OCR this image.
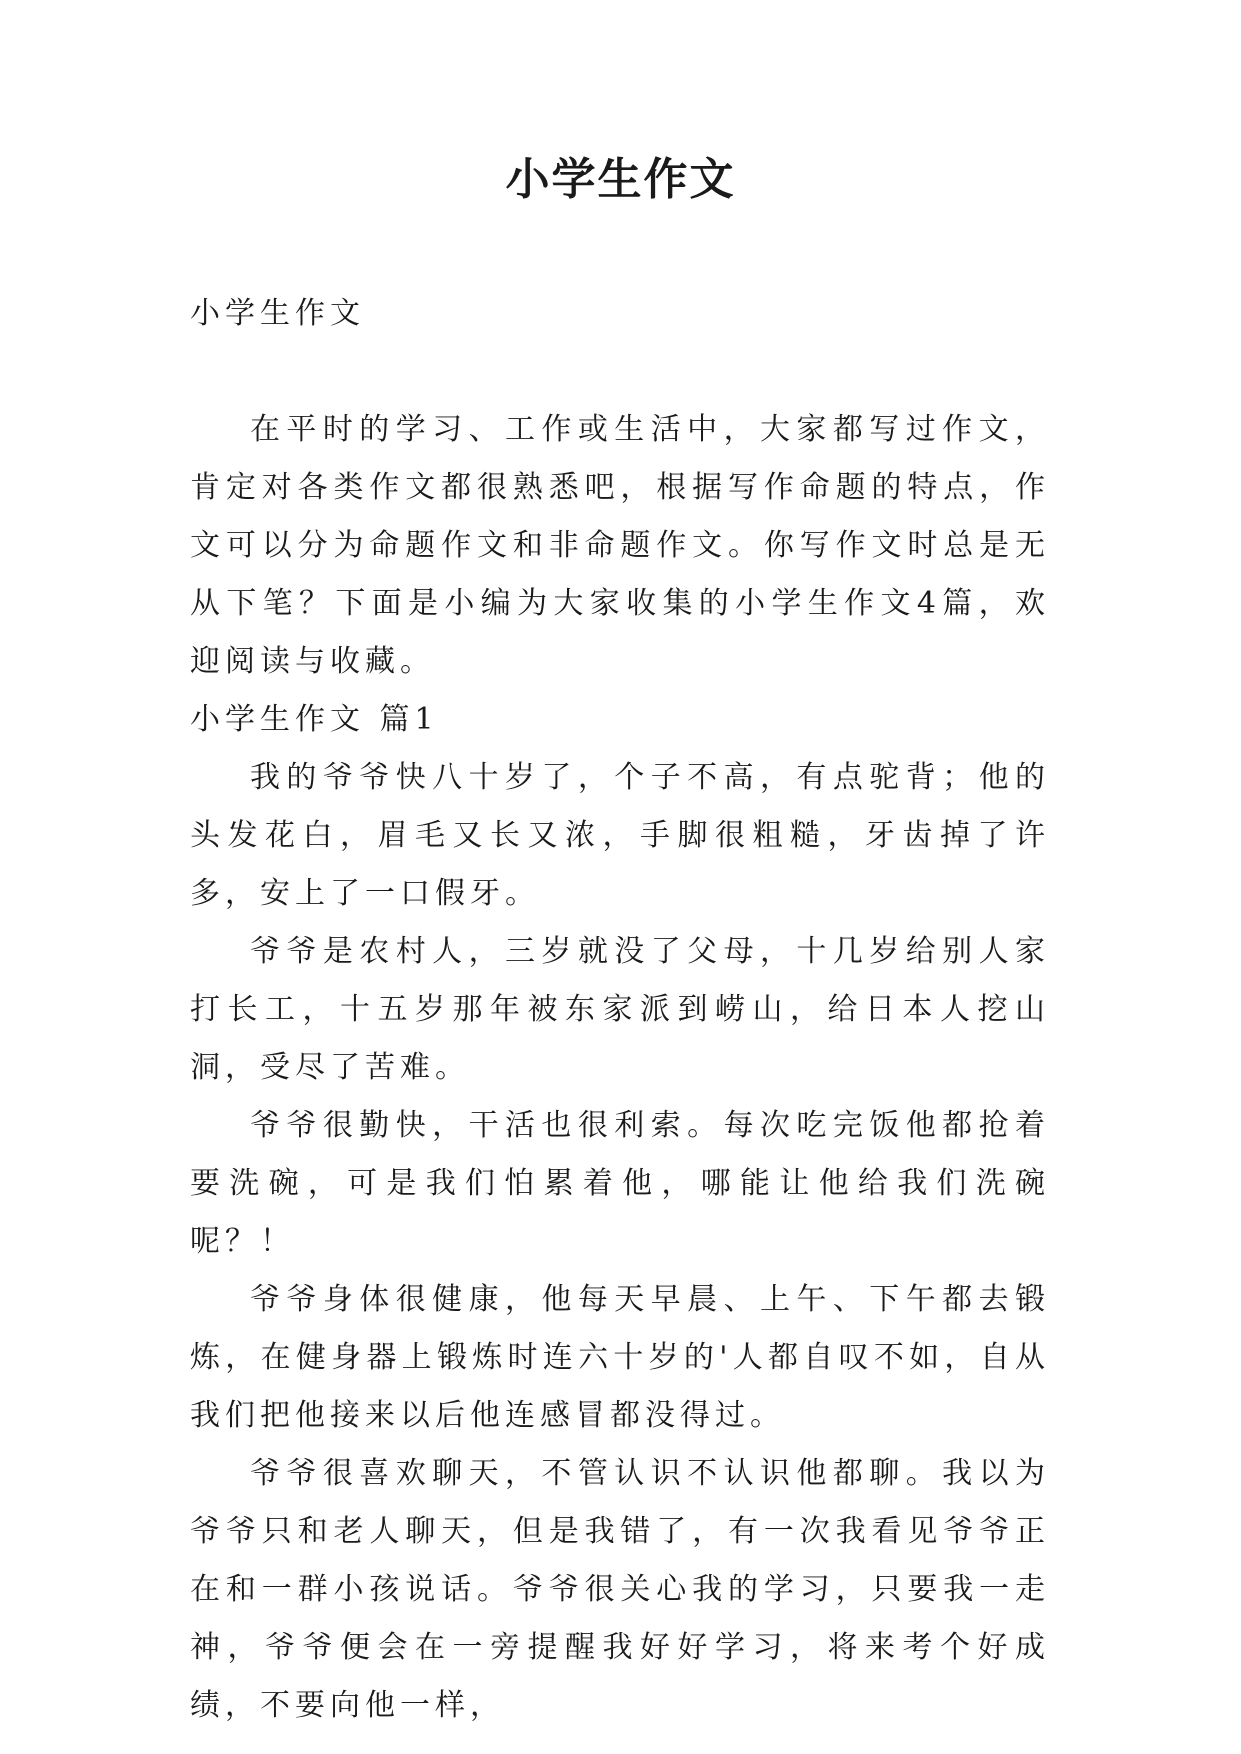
小学生作文

小学生作文

在平时的学习、工作或生活中，大家都写过作文，肯定对各类作文都很熟悉吧，根据写作命题的特点，作文可以分为命题作文和非命题作文。你写作文时总是无从下笔？下面是小编为大家收集的小学生作文4篇，欢迎阅读与收藏。

小学生作文 篇1

我的爷爷快八十岁了，个子不高，有点驼背；他的头发花白，眉毛又长又浓，手脚很粗糙，牙齿掉了许多，安上了一口假牙。

爷爷是农村人，三岁就没了父母，十几岁给别人家打长工，十五岁那年被东家派到崂山，给日本人挖山洞，受尽了苦难。

爷爷很勤快，干活也很利索。每次吃完饭他都抢着要洗碗，可是我们怕累着他，哪能让他给我们洗碗呢？！

爷爷身体很健康，他每天早晨、上午、下午都去锻炼，在健身器上锻炼时连六十岁的'人都自叹不如，自从我们把他接来以后他连感冒都没得过。

爷爷很喜欢聊天，不管认识不认识他都聊。我以为爷爷只和老人聊天，但是我错了，有一次我看见爷爷正在和一群小孩说话。爷爷很关心我的学习，只要我一走神，爷爷便会在一旁提醒我好好学习，将来考个好成绩，不要向他一样，
